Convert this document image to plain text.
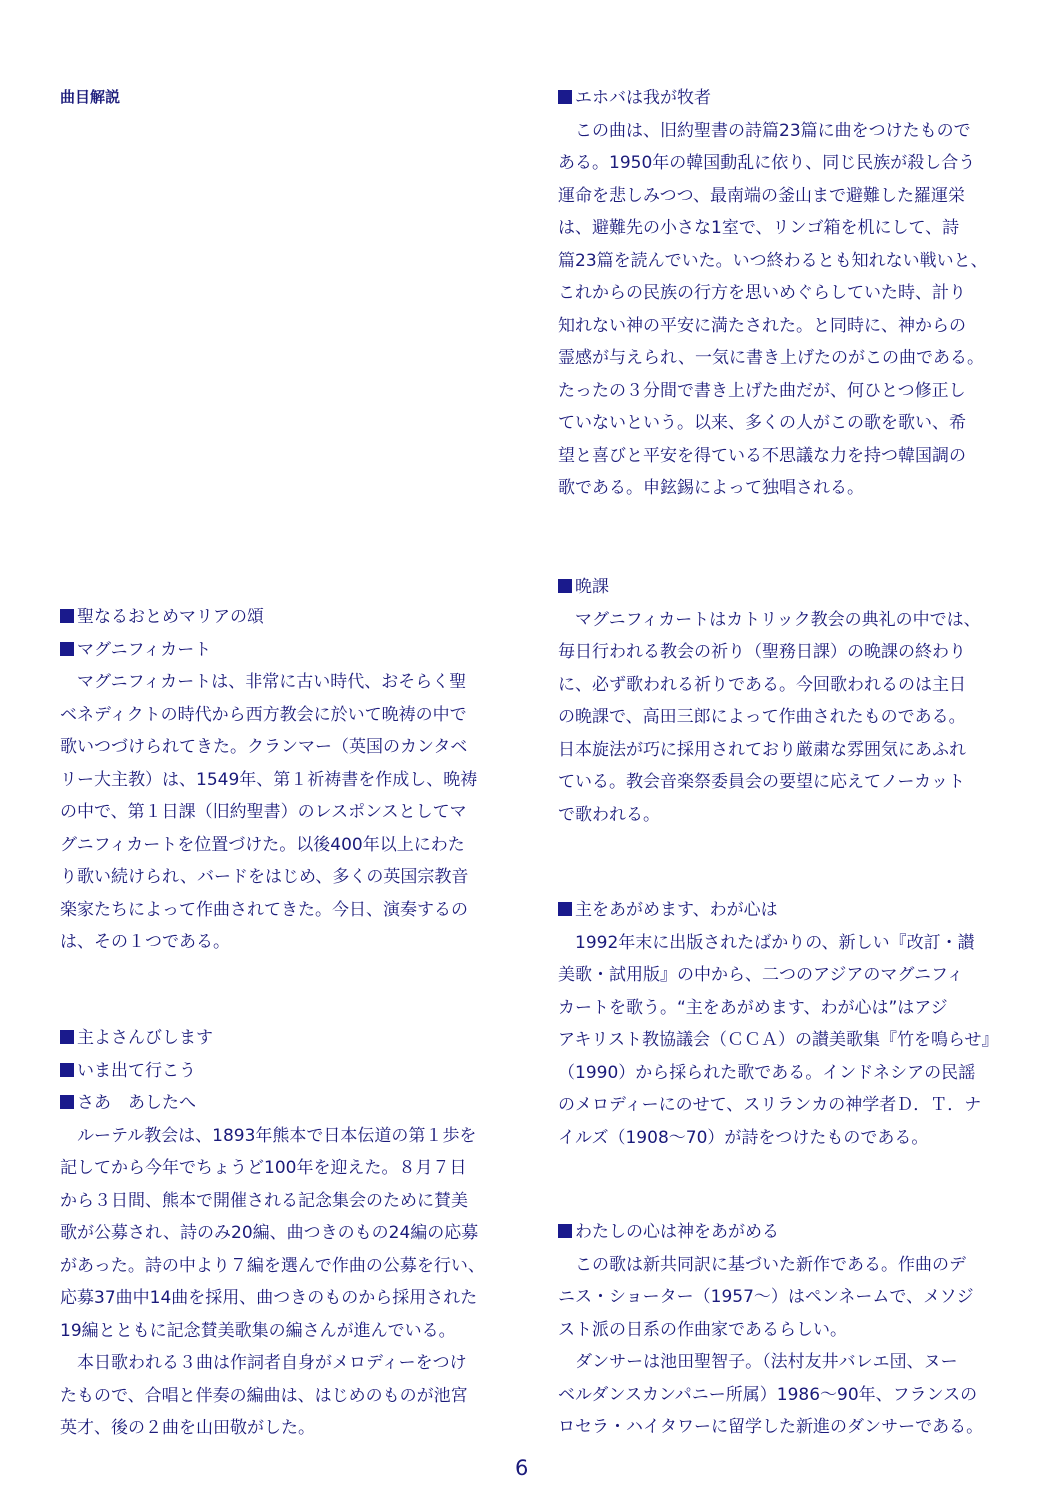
曲目解説	エホバは我が牧者

この曲は、旧約聖書の詩篇23篇に曲をつけたもので

ある。1950年の韓国動乱に依り、同じ民族が殺し合う

運命を悲しみつつ、最南端の釜山まで避難した羅運栄

は、避難先の小さな1室で、リンゴ箱を机にして、詩

篇23篇を読んでいた。いつ終わるとも知れない戦いと、

これからの民族の行方を思いめぐらしていた時、計り

知れない神の平安に満たされた。と同時に、神からの

霊感が与えられ、一気に書き上げたのがこの曲である。

たったの３分間で書き上げた曲だが、何ひとつ修正し

ていないという。以来、多くの人がこの歌を歌い、希

望と喜びと平安を得ている不思議な力を持つ韓国調の

歌である。申鉉錫によって独唱される。

晩課

マグニフィカートはカトリック教会の典礼の中では、

毎日行われる教会の祈り（聖務日課）の晩課の終わり

に、必ず歌われる祈りである。今回歌われるのは主日

の晩課で、高田三郎によって作曲されたものである。

日本旋法が巧に採用されており厳粛な雰囲気にあふれ

ている。教会音楽祭委員会の要望に応えてノーカット

で歌われる。

主をあがめます、わが心は

1992年末に出版されたばかりの、新しい『改訂・讃

美歌・試用版』の中から、二つのアジアのマグニフィ

カートを歌う。“主をあがめます、わが心は”はアジ

アキリスト教協議会（ＣＣＡ）の讃美歌集『竹を鳴らせ』

（1990）から採られた歌である。インドネシアの民謡

のメロディーにのせて、スリランカの神学者Ｄ．Ｔ．ナ

イルズ（1908〜70）が詩をつけたものである。

わたしの心は神をあがめる

この歌は新共同訳に基づいた新作である。作曲のデ

ニス・ショーター（1957〜）はペンネームで、メソジ

スト派の日系の作曲家であるらしい。

ダンサーは池田聖智子。（法村友井バレエ団、ヌー

ベルダンスカンパニー所属）1986〜90年、フランスの

ロセラ・ハイタワーに留学した新進のダンサーである。

聖なるおとめマリアの頌

マグニフィカート

マグニフィカートは、非常に古い時代、おそらく聖

ベネディクトの時代から西方教会に於いて晩祷の中で

歌いつづけられてきた。クランマー（英国のカンタベ

リー大主教）は、1549年、第１祈祷書を作成し、晩祷

の中で、第１日課（旧約聖書）のレスポンスとしてマ

グニフィカートを位置づけた。以後400年以上にわた

り歌い続けられ、バードをはじめ、多くの英国宗教音

楽家たちによって作曲されてきた。今日、演奏するの

は、その１つである。

主よさんびします

いま出て行こう

さあ　あしたへ

ルーテル教会は、1893年熊本で日本伝道の第１歩を

記してから今年でちょうど100年を迎えた。８月７日

から３日間、熊本で開催される記念集会のために賛美

歌が公募され、詩のみ20編、曲つきのもの24編の応募

があった。詩の中より７編を選んで作曲の公募を行い、

応募37曲中14曲を採用、曲つきのものから採用された

19編とともに記念賛美歌集の編さんが進んでいる。

本日歌われる３曲は作詞者自身がメロディーをつけ

たもので、合唱と伴奏の編曲は、はじめのものが池宮

英才、後の２曲を山田敬がした。

6
